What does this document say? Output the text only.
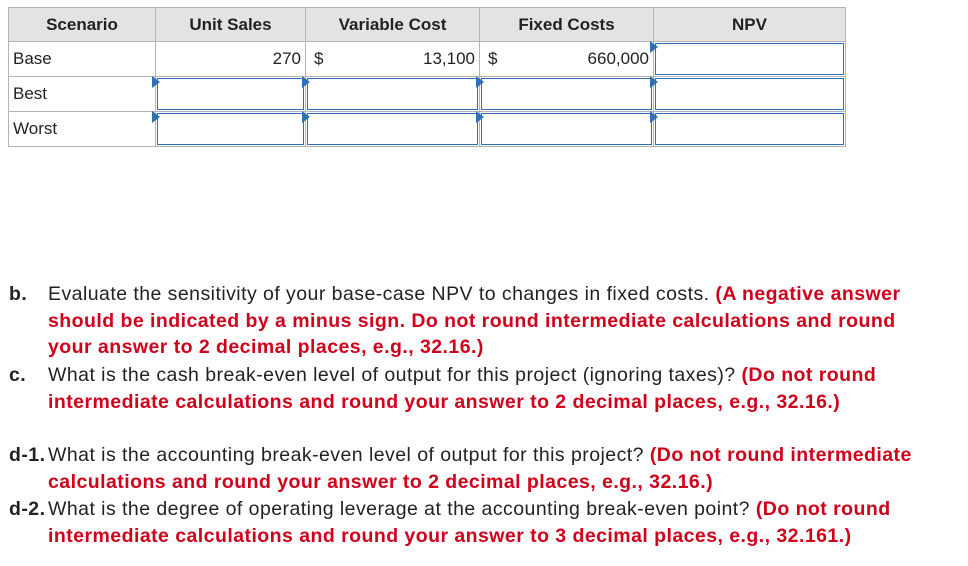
Scenario	Unit Sales	Variable Cost	Fixed Costs	NPV
Base	270	$ 13,100	$ 660,000	

Best	

Worst	

b. Evaluate the sensitivity of your base-case NPV to changes in fixed costs. (A negative answer should be indicated by a minus sign. Do not round intermediate calculations and round your answer to 2 decimal places, e.g., 32.16.)
c. What is the cash break-even level of output for this project (ignoring taxes)? (Do not round intermediate calculations and round your answer to 2 decimal places, e.g., 32.16.)
d-1. What is the accounting break-even level of output for this project? (Do not round intermediate calculations and round your answer to 2 decimal places, e.g., 32.16.)
d-2. What is the degree of operating leverage at the accounting break-even point? (Do not round intermediate calculations and round your answer to 3 decimal places, e.g., 32.161.)
